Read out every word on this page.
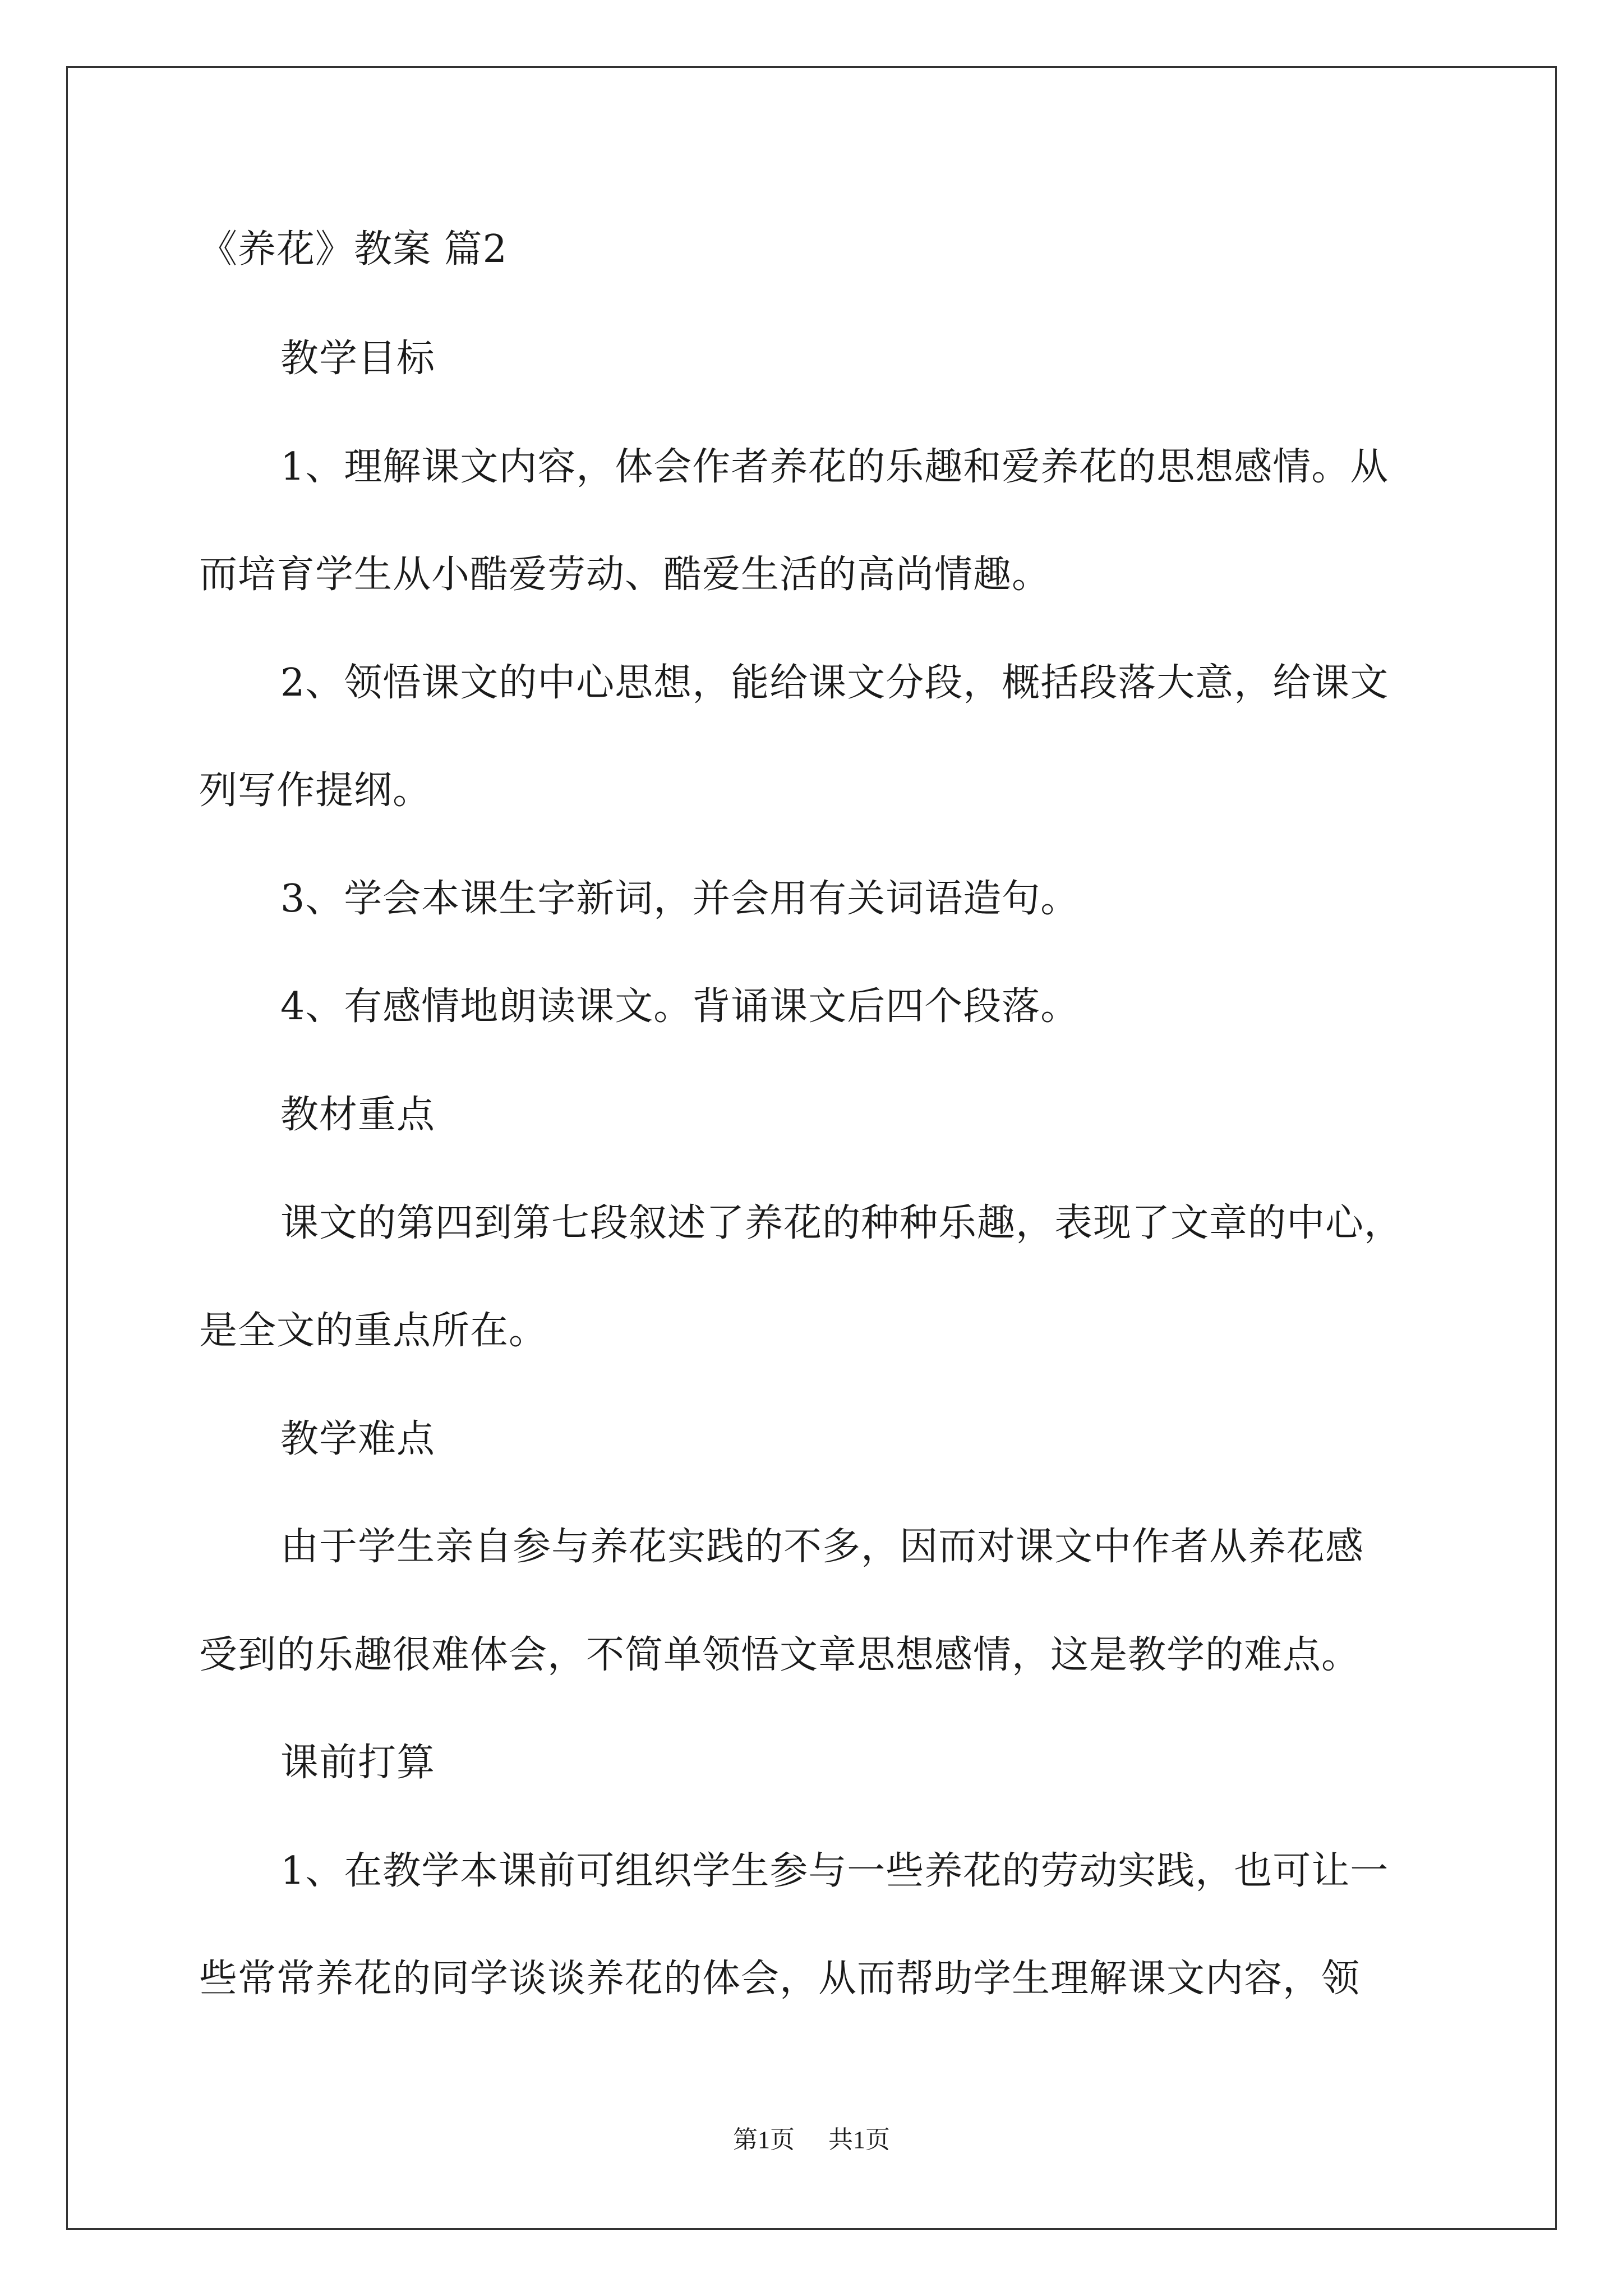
《养花》教案 篇2
教学目标
1、理解课文内容，体会作者养花的乐趣和爱养花的思想感情。从
而培育学生从小酷爱劳动、酷爱生活的高尚情趣。
2、领悟课文的中心思想，能给课文分段，概括段落大意，给课文
列写作提纲。
3、学会本课生字新词，并会用有关词语造句。
4、有感情地朗读课文。背诵课文后四个段落。
教材重点
课文的第四到第七段叙述了养花的种种乐趣，表现了文章的中心，
是全文的重点所在。
教学难点
由于学生亲自参与养花实践的不多，因而对课文中作者从养花感
受到的乐趣很难体会，不简单领悟文章思想感情，这是教学的难点。
课前打算
1、在教学本课前可组织学生参与一些养花的劳动实践，也可让一
些常常养花的同学谈谈养花的体会，从而帮助学生理解课文内容，领
第1页 共1页
